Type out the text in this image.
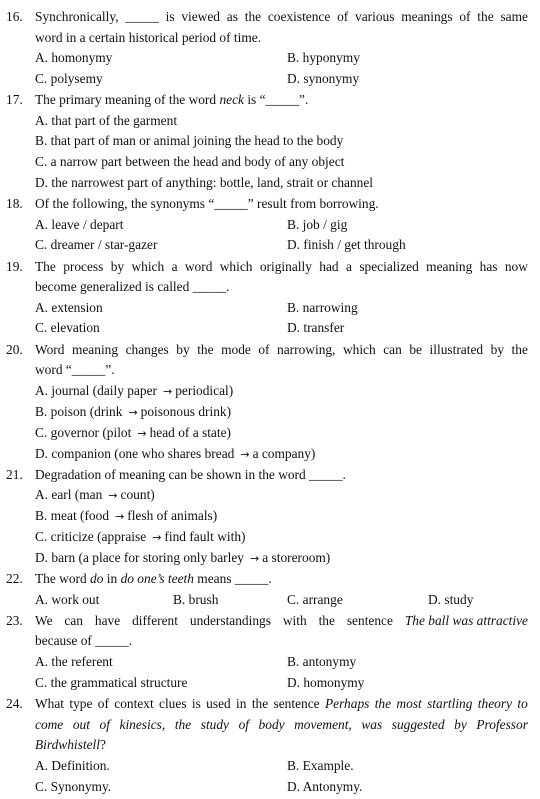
16. Synchronically, _____ is viewed as the coexistence of various meanings of the same
word in a certain historical period of time.
A. homonymy	B. hyponymy
C. polysemy	D. synonymy
17. The primary meaning of the word neck is “_____”.
A. that part of the garment
B. that part of man or animal joining the head to the body
C. a narrow part between the head and body of any object
D. the narrowest part of anything: bottle, land, strait or channel
18. Of the following, the synonyms “_____” result from borrowing.
A. leave / depart	B. job / gig
C. dreamer / star-gazer	D. finish / get through
19. The process by which a word which originally had a specialized meaning has now
become generalized is called _____.
A. extension	B. narrowing
C. elevation	D. transfer
20. Word meaning changes by the mode of narrowing, which can be illustrated by the
word “_____”.
A. journal (daily paper → periodical)
B. poison (drink → poisonous drink)
C. governor (pilot → head of a state)
D. companion (one who shares bread → a company)
21. Degradation of meaning can be shown in the word _____.
A. earl (man → count)
B. meat (food → flesh of animals)
C. criticize (appraise → find fault with)
D. barn (a place for storing only barley → a storeroom)
22. The word do in do one’s teeth means _____.
A. work out	B. brush	C. arrange	D. study
23. We can have different understandings with the sentence The ball was attractive
because of _____.
A. the referent	B. antonymy
C. the grammatical structure	D. homonymy
24. What type of context clues is used in the sentence Perhaps the most startling theory to
come out of kinesics, the study of body movement, was suggested by Professor
Birdwhistell?
A. Definition.	B. Example.
C. Synonymy.	D. Antonymy.
